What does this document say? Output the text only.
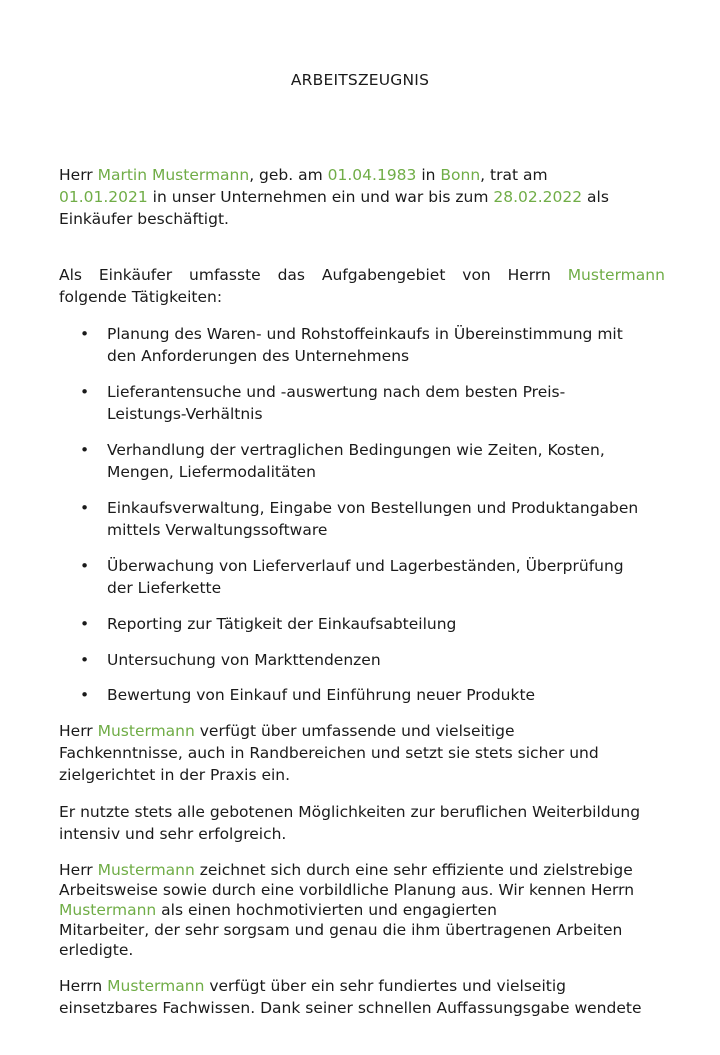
ARBEITSZEUGNIS
Herr Martin Mustermann, geb. am 01.04.1983 in Bonn, trat am
01.01.2021 in unser Unternehmen ein und war bis zum 28.02.2022 als
Einkäufer beschäftigt.
Als Einkäufer umfasste das Aufgabengebiet von Herrn Mustermann
folgende Tätigkeiten:
• Planung des Waren- und Rohstoffeinkaufs in Übereinstimmung mit
den Anforderungen des Unternehmens
• Lieferantensuche und -auswertung nach dem besten Preis-
Leistungs-Verhältnis
• Verhandlung der vertraglichen Bedingungen wie Zeiten, Kosten,
Mengen, Liefermodalitäten
• Einkaufsverwaltung, Eingabe von Bestellungen und Produktangaben
mittels Verwaltungssoftware
• Überwachung von Lieferverlauf und Lagerbeständen, Überprüfung
der Lieferkette
• Reporting zur Tätigkeit der Einkaufsabteilung
• Untersuchung von Markttendenzen
• Bewertung von Einkauf und Einführung neuer Produkte
Herr Mustermann verfügt über umfassende und vielseitige
Fachkenntnisse, auch in Randbereichen und setzt sie stets sicher und
zielgerichtet in der Praxis ein.
Er nutzte stets alle gebotenen Möglichkeiten zur beruflichen Weiterbildung
intensiv und sehr erfolgreich.
Herr Mustermann zeichnet sich durch eine sehr effiziente und zielstrebige
Arbeitsweise sowie durch eine vorbildliche Planung aus. Wir kennen Herrn
Mustermann als einen hochmotivierten und engagierten
Mitarbeiter, der sehr sorgsam und genau die ihm übertragenen Arbeiten
erledigte.
Herrn Mustermann verfügt über ein sehr fundiertes und vielseitig
einsetzbares Fachwissen. Dank seiner schnellen Auffassungsgabe wendete
